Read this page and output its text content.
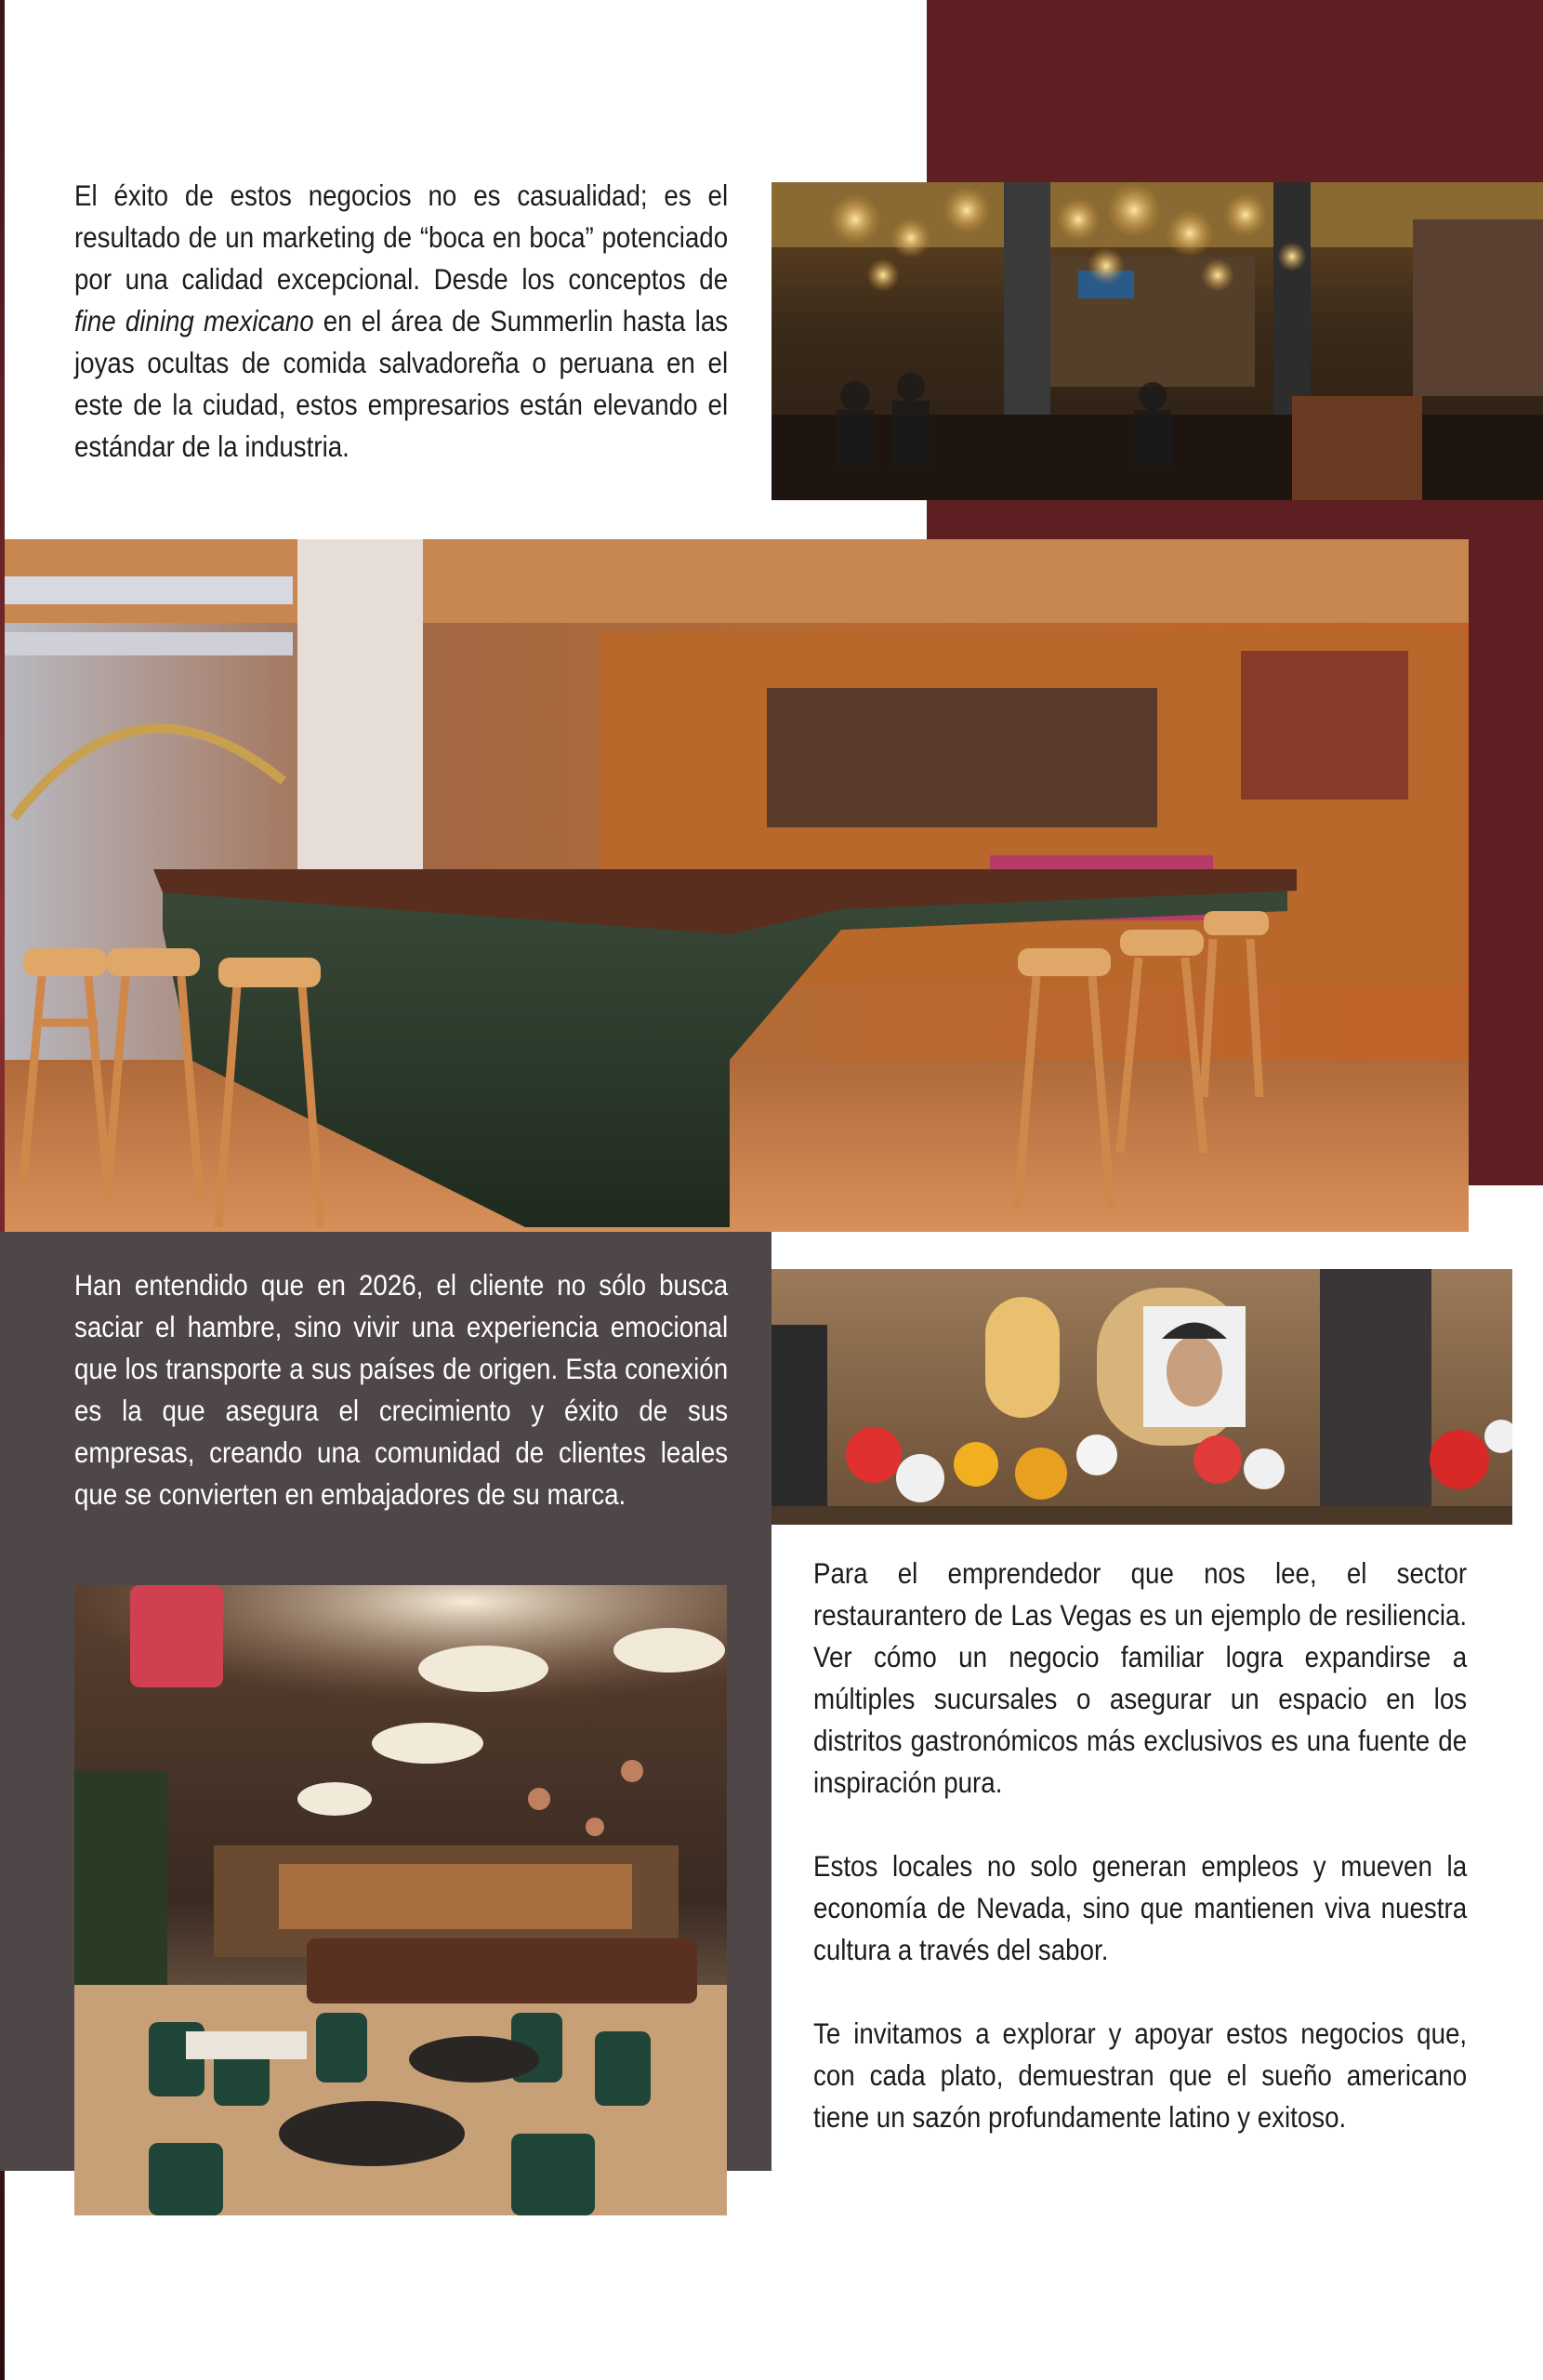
El éxito de estos negocios no es casualidad; es el resultado de un marketing de “boca en boca” potenciado por una calidad excepcional. Desde los conceptos de fine dining mexicano en el área de Summerlin hasta las joyas ocultas de comida salvadoreña o peruana en el este de la ciudad, estos empresarios están elevando el estándar de la industria.

Han entendido que en 2026, el cliente no sólo busca saciar el hambre, sino vivir una experiencia emocional que los transporte a sus países de origen. Esta conexión es la que asegura el crecimiento y éxito de sus empresas, creando una comunidad de clientes leales que se convierten en embajadores de su marca.

Para el emprendedor que nos lee, el sector restaurantero de Las Vegas es un ejemplo de resiliencia. Ver cómo un negocio familiar logra expandirse a múltiples sucursales o asegurar un espacio en los distritos gastronómicos más exclusivos es una fuente de inspiración pura.

Estos locales no solo generan empleos y mueven la economía de Nevada, sino que mantienen viva nuestra cultura a través del sabor.

Te invitamos a explorar y apoyar estos negocios que, con cada plato, demuestran que el sueño americano tiene un sazón profundamente latino y exitoso.
